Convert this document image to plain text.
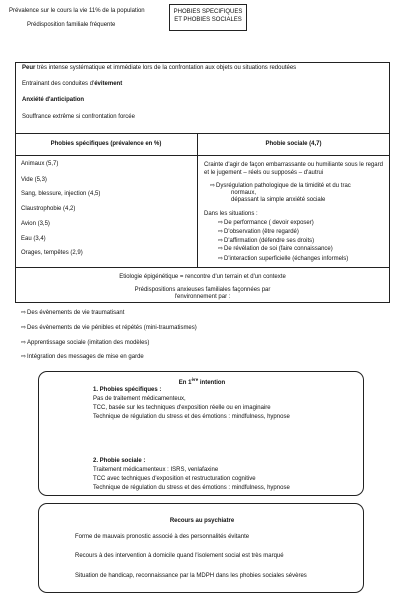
Prévalence sur le cours la vie 11% de la population
Prédisposition familiale fréquente
PHOBIES SPECIFIQUES
ET PHOBIES SOCIALES
Peur très intense systématique et immédiate lors de la confrontation aux objets ou situations redoutées
Entrainant des conduites d'évitement
Anxiété d'anticipation
Souffrance extrême si confrontation forcée
Phobies spécifiques (prévalence en %)	Phobie sociale (4,7)
Animaux (5,7)
Vide (5,3)
Sang, blessure, injection (4,5)
Claustrophobie (4,2)
Avion (3,5)
Eau (3,4)
Orages, tempêtes (2,9)
Crainte d'agir de façon embarrassante ou humiliante sous le regard et le jugement – réels ou supposés – d'autrui
⇨ Dysrégulation pathologique de la timidité et du trac
normaux,
dépassant la simple anxiété sociale
Dans les situations :
⇨ De performance ( devoir exposer)
⇨ D'observation (être regardé)
⇨ D'affirmation (défendre ses droits)
Etiologie épigénétique = rencontre d'un terrain et d'un contexte
Prédispositions anxieuses familiales façonnées par
l'environnement par :
⇨ Des évènements de vie traumatisant
⇨ Des évènements de vie pénibles et répétés (mini-traumatismes)
⇨ Apprentissage sociale (imitation des modèles)
⇨ Intégration des messages de mise en garde
En 1ère intention
1. Phobies spécifiques :
Pas de traitement médicamenteux,
TCC, basée sur les techniques d'exposition réelle ou en imaginaire
Technique de régulation du stress et des émotions : mindfulness, hypnose
2. Phobie sociale :
Traitement médicamenteux : ISRS, venlafaxine
TCC avec techniques d'exposition et restructuration cognitive
Technique de régulation du stress et des émotions : mindfulness, hypnose
Recours au psychiatre
Forme de mauvais pronostic associé à des personnalités évitante
Recours à des intervention à domicile quand l'isolement social est très marqué
Situation de handicap, reconnaissance par la MDPH dans les phobies sociales sévères
⇨ De révélation de soi (faire connaissance)
⇨ D'interaction superficielle (échanges informels)
